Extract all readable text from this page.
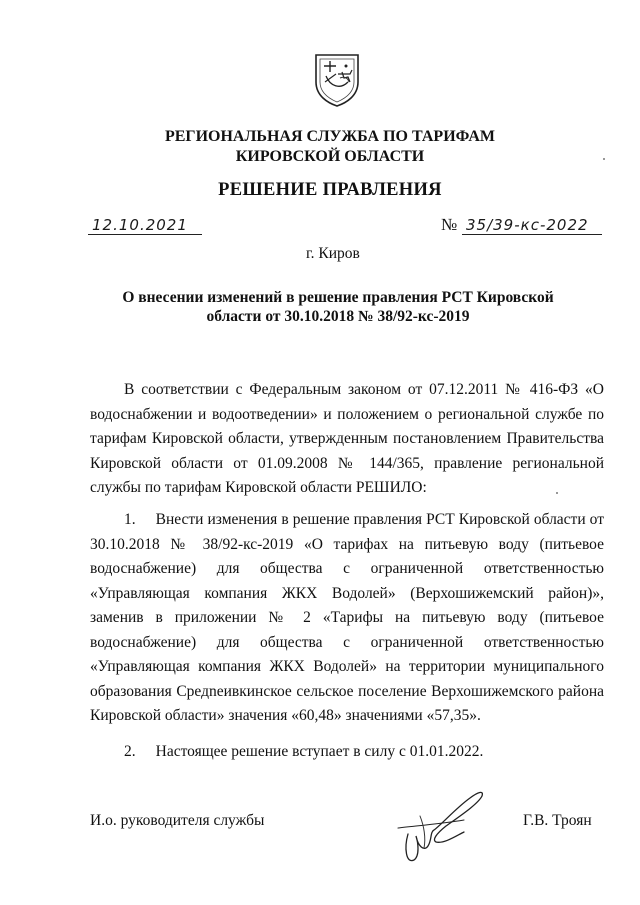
РЕГИОНАЛЬНАЯ СЛУЖБА ПО ТАРИФАМ
КИРОВСКОЙ ОБЛАСТИ
РЕШЕНИЕ ПРАВЛЕНИЯ
12.10.2021	№ 35/39-кс-2022
г. Киров
О внесении изменений в решение правления РСТ Кировской
области от 30.10.2018 № 38/92-кс-2019
В соответствии с Федеральным законом от 07.12.2011 № 416-ФЗ «О водоснабжении и водоотведении» и положением о региональной службе по тарифам Кировской области, утвержденным постановлением Правительства Кировской области от 01.09.2008 № 144/365, правление региональной службы по тарифам Кировской области РЕШИЛО:
1. Внести изменения в решение правления РСТ Кировской области от 30.10.2018 № 38/92-кс-2019 «О тарифах на питьевую воду (питьевое водоснабжение) для общества с ограниченной ответственностью «Управляющая компания ЖКХ Водолей» (Верхошижемский район)», заменив в приложении № 2 «Тарифы на питьевую воду (питьевое водоснабжение) для общества с ограниченной ответственностью «Управляющая компания ЖКХ Водолей» на территории муниципального образования Средneивкинское сельское поселение Верхошижемского района Кировской области» значения «60,48» значениями «57,35».
2. Настоящее решение вступает в силу с 01.01.2022.
И.о. руководителя службы	Г.В. Троян
